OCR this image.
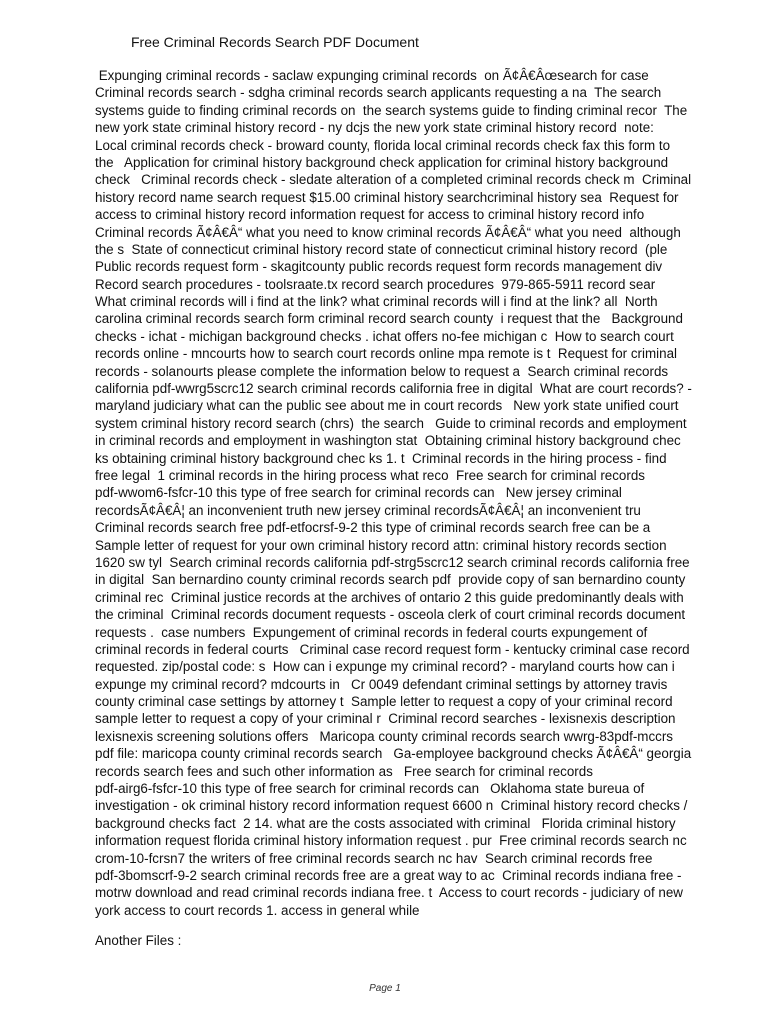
Free Criminal Records Search PDF Document
Expunging criminal records - saclaw expunging criminal records  on Ã¢Â€Âœsearch for case
Criminal records search - sdgha criminal records search applicants requesting a na  The search
systems guide to finding criminal records on  the search systems guide to finding criminal recor  The
new york state criminal history record - ny dcjs the new york state criminal history record  note:
Local criminal records check - broward county, florida local criminal records check fax this form to
the   Application for criminal history background check application for criminal history background
check   Criminal records check - sledate alteration of a completed criminal records check m  Criminal
history record name search request $15.00 criminal history searchcriminal history sea  Request for
access to criminal history record information request for access to criminal history record info
Criminal records Ã¢Â€Â“ what you need to know criminal records Ã¢Â€Â“ what you need  although
the s  State of connecticut criminal history record state of connecticut criminal history record  (ple
Public records request form - skagitcounty public records request form records management div
Record search procedures - toolsraate.tx record search procedures  979-865-5911 record sear
What criminal records will i find at the link? what criminal records will i find at the link? all  North
carolina criminal records search form criminal record search county  i request that the   Background
checks - ichat - michigan background checks . ichat offers no-fee michigan c  How to search court
records online - mncourts how to search court records online mpa remote is t  Request for criminal
records - solanourts please complete the information below to request a  Search criminal records
california pdf-wwrg5scrc12 search criminal records california free in digital  What are court records? -
maryland judiciary what can the public see about me in court records   New york state unified court
system criminal history record search (chrs)  the search   Guide to criminal records and employment
in criminal records and employment in washington stat  Obtaining criminal history background chec
ks obtaining criminal history background chec ks 1. t  Criminal records in the hiring process - find
free legal  1 criminal records in the hiring process what reco  Free search for criminal records
pdf-wwom6-fsfcr-10 this type of free search for criminal records can   New jersey criminal
recordsÃ¢Â€Â¦ an inconvenient truth new jersey criminal recordsÃ¢Â€Â¦ an inconvenient tru
Criminal records search free pdf-etfocrsf-9-2 this type of criminal records search free can be a
Sample letter of request for your own criminal history record attn: criminal history records section
1620 sw tyl  Search criminal records california pdf-strg5scrc12 search criminal records california free
in digital  San bernardino county criminal records search pdf  provide copy of san bernardino county
criminal rec  Criminal justice records at the archives of ontario 2 this guide predominantly deals with
the criminal  Criminal records document requests - osceola clerk of court criminal records document
requests .  case numbers  Expungement of criminal records in federal courts expungement of
criminal records in federal courts   Criminal case record request form - kentucky criminal case record
requested. zip/postal code: s  How can i expunge my criminal record? - maryland courts how can i
expunge my criminal record? mdcourts in   Cr 0049 defendant criminal settings by attorney travis
county criminal case settings by attorney t  Sample letter to request a copy of your criminal record
sample letter to request a copy of your criminal r  Criminal record searches - lexisnexis description
lexisnexis screening solutions offers   Maricopa county criminal records search wwrg-83pdf-mccrs
pdf file: maricopa county criminal records search   Ga-employee background checks Ã¢Â€Â“ georgia
records search fees and such other information as   Free search for criminal records
pdf-airg6-fsfcr-10 this type of free search for criminal records can   Oklahoma state bureua of
investigation - ok criminal history record information request 6600 n  Criminal history record checks /
background checks fact  2 14. what are the costs associated with criminal   Florida criminal history
information request florida criminal history information request . pur  Free criminal records search nc
crom-10-fcrsn7 the writers of free criminal records search nc hav  Search criminal records free
pdf-3bomscrf-9-2 search criminal records free are a great way to ac  Criminal records indiana free -
motrw download and read criminal records indiana free. t  Access to court records - judiciary of new
york access to court records 1. access in general while
Another Files :
Page 1
